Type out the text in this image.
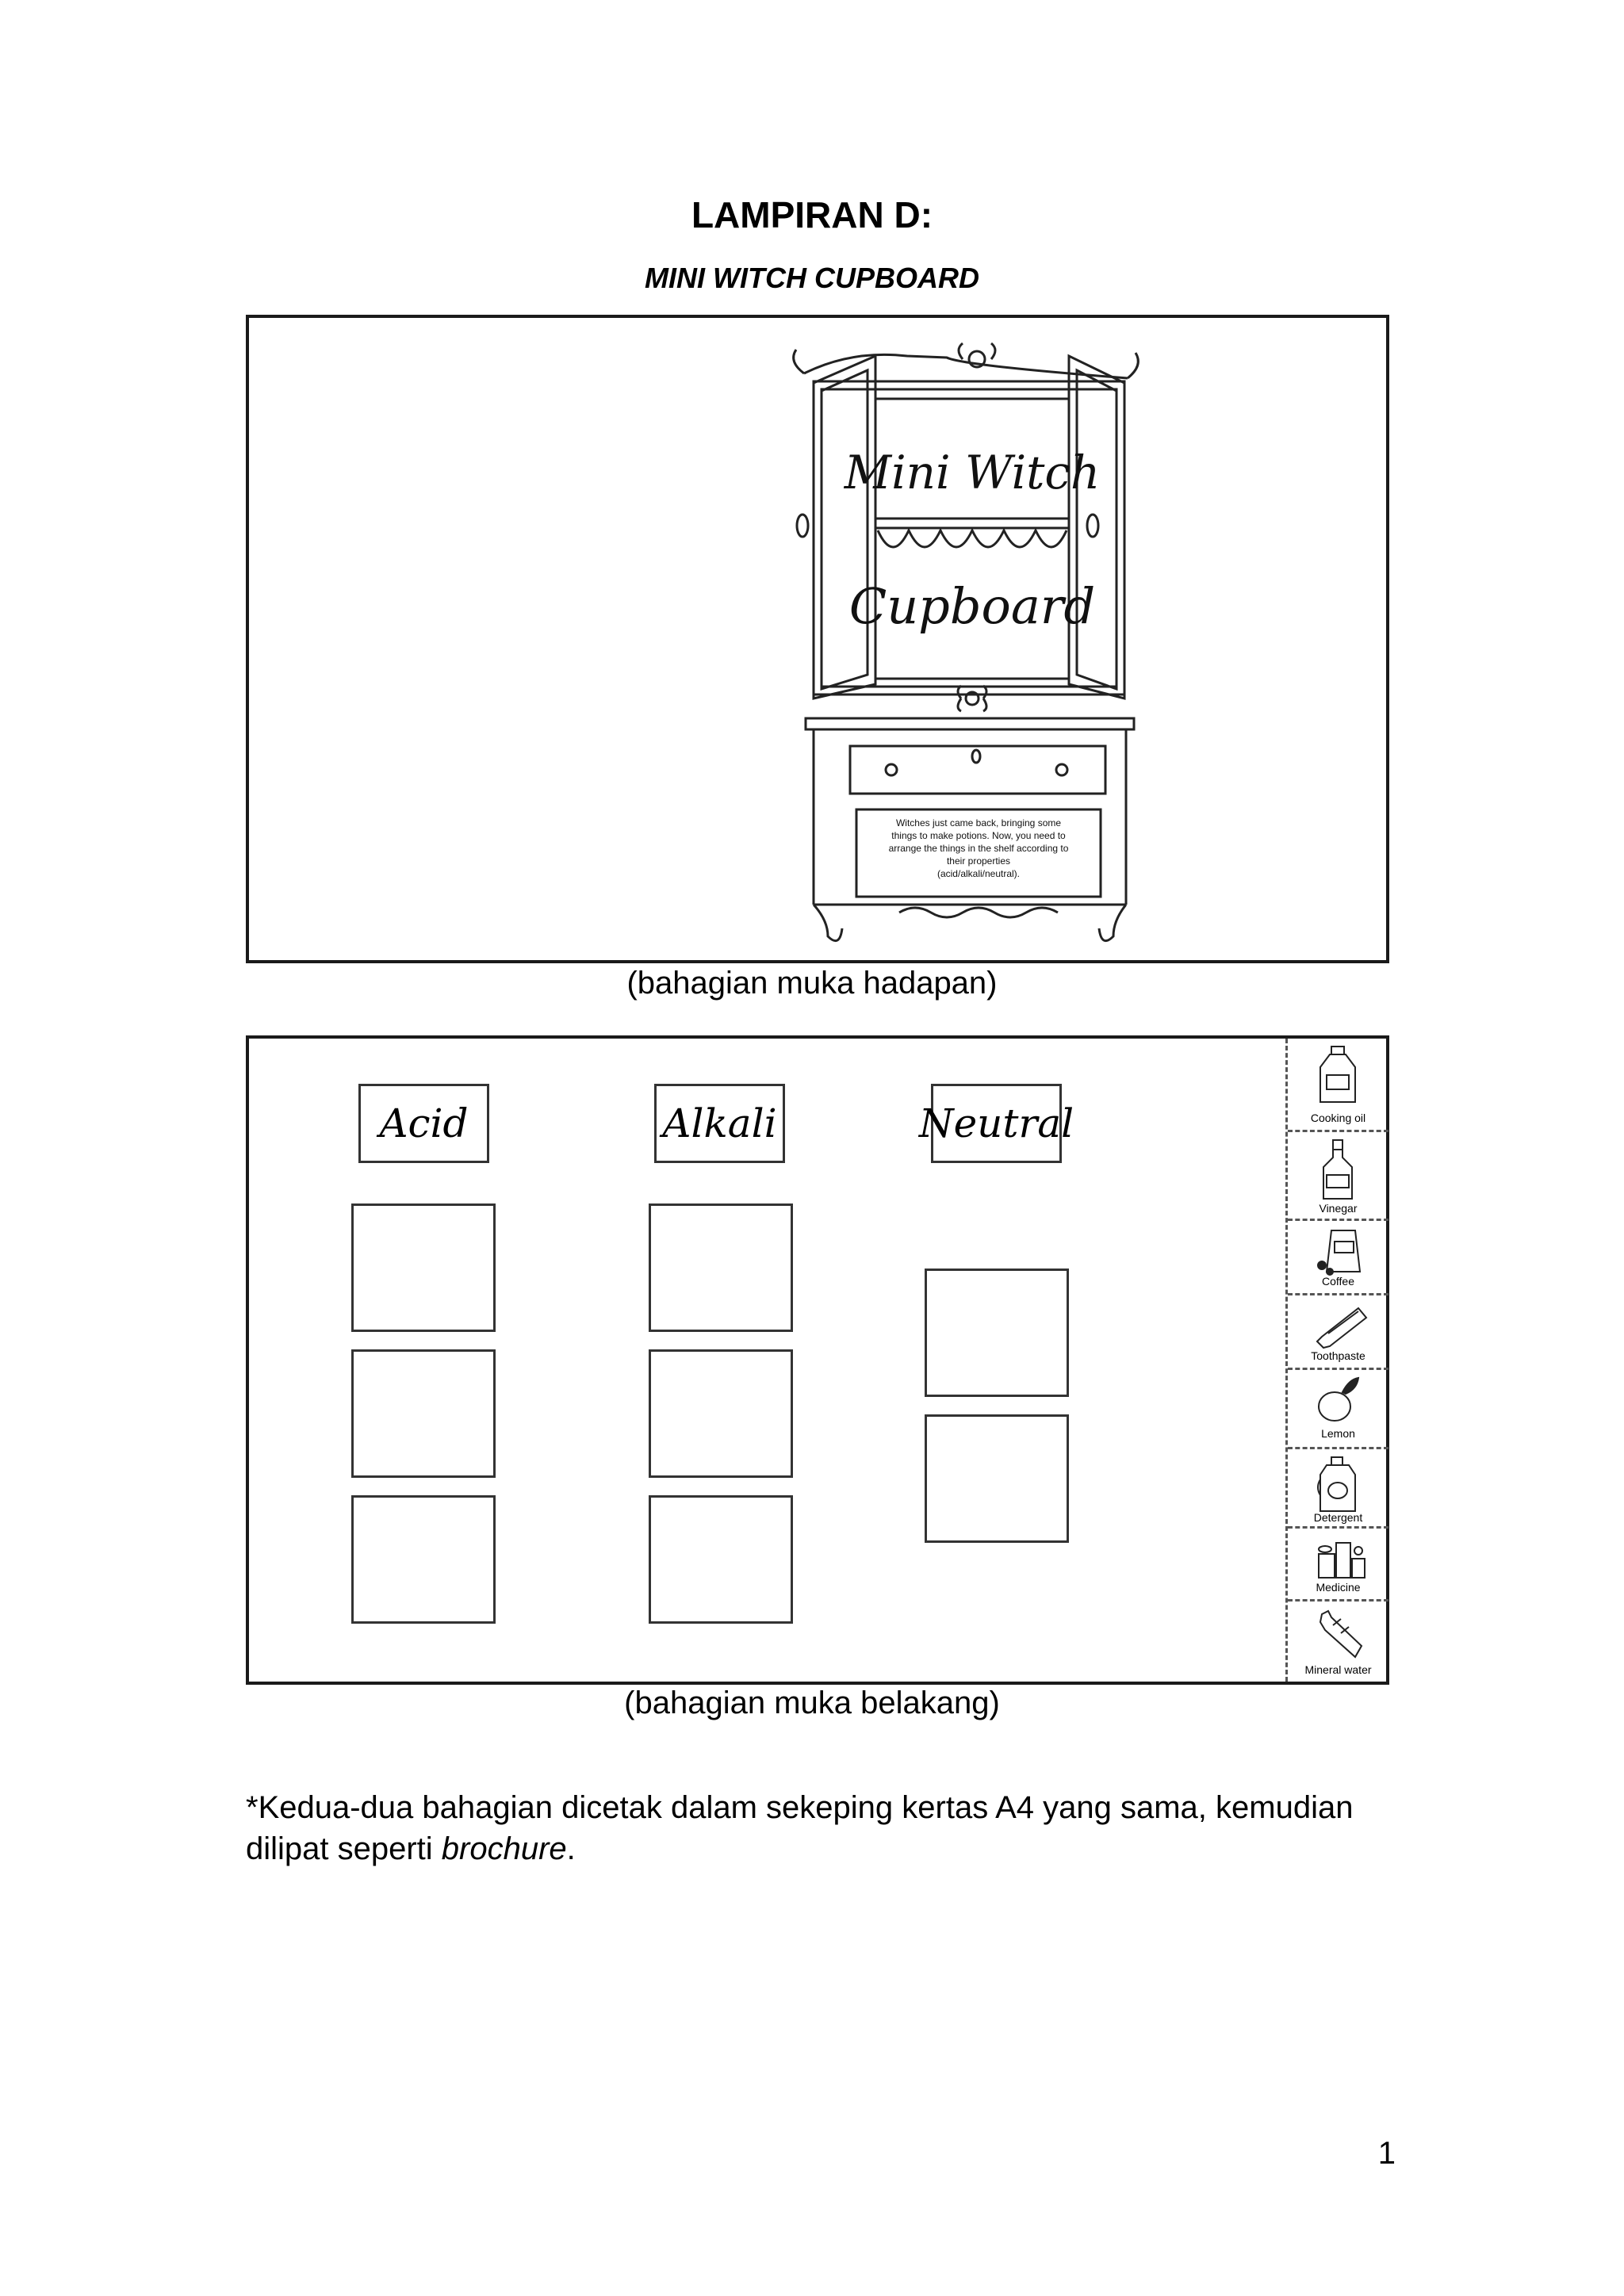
LAMPIRAN D:
MINI WITCH CUPBOARD
Mini Witch
Cupboard
Witches just came back, bringing some
things to make potions. Now, you need to
arrange the things in the shelf according to
their properties
(acid/alkali/neutral).
(bahagian muka hadapan)
Acid	Alkali	Neutral	Cooking oil
Vinegar
Coffee
Toothpaste
Lemon
Detergent
Medicine
Mineral water
(bahagian muka belakang)
*Kedua-dua bahagian dicetak dalam sekeping kertas A4 yang sama, kemudian dilipat seperti brochure.
1
